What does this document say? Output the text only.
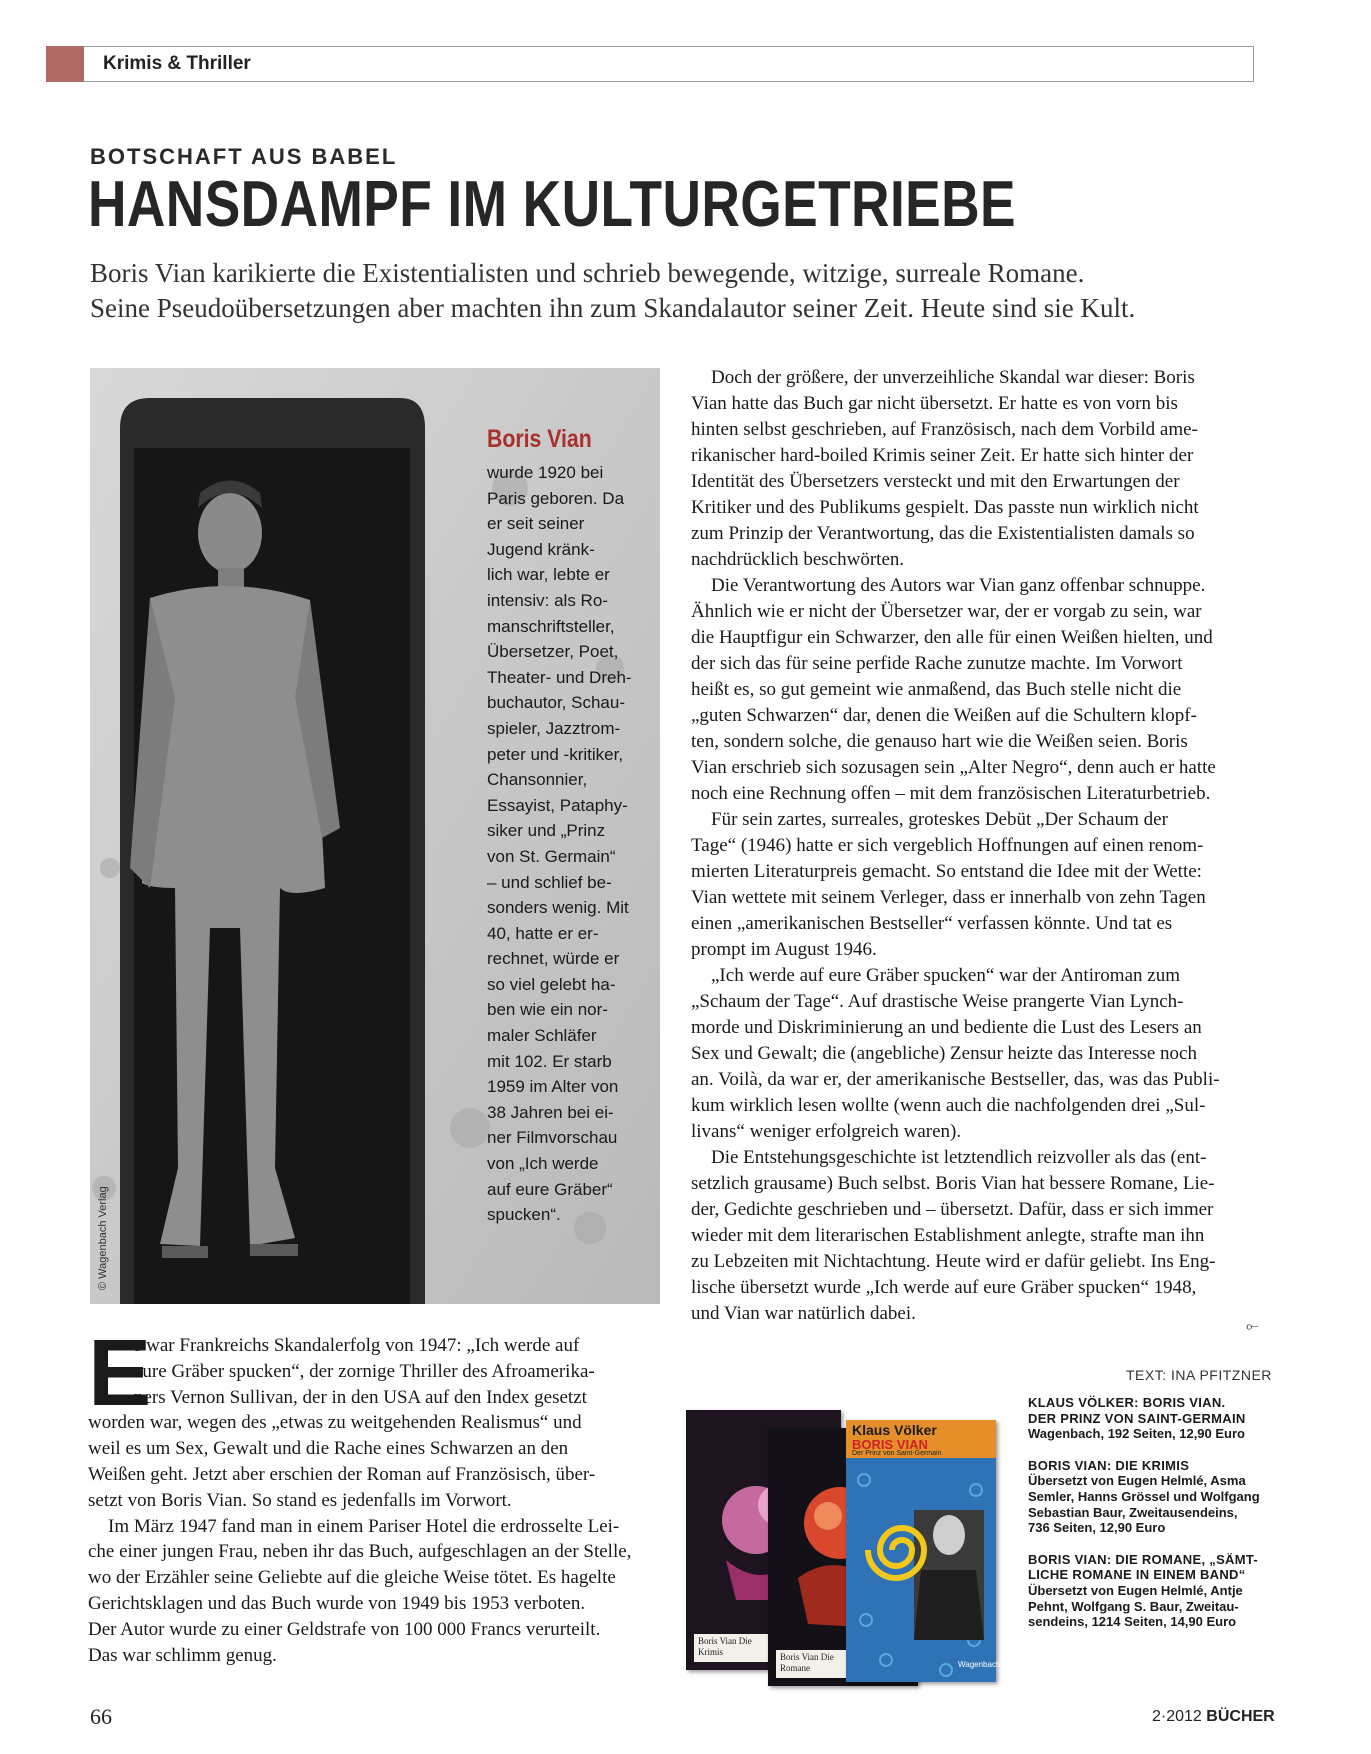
Krimis & Thriller
BOTSCHAFT AUS BABEL
HANSDAMPF IM KULTURGETRIEBE
Boris Vian karikierte die Existentialisten und schrieb bewegende, witzige, surreale Romane.
Seine Pseudoübersetzungen aber machten ihn zum Skandalautor seiner Zeit. Heute sind sie Kult.
© Wagenbach Verlag
Boris Vian
wurde 1920 bei
Paris geboren. Da
er seit seiner
Jugend kränk-
lich war, lebte er
intensiv: als Ro-
manschriftsteller,
Übersetzer, Poet,
Theater- und Dreh-
buchautor, Schau-
spieler, Jazztrom-
peter und -kritiker,
Chansonnier,
Essayist, Pataphy-
siker und „Prinz
von St. Germain“
– und schlief be-
sonders wenig. Mit
40, hatte er er-
rechnet, würde er
so viel gelebt ha-
ben wie ein nor-
maler Schläfer
mit 102. Er starb
1959 im Alter von
38 Jahren bei ei-
ner Filmvorschau
von „Ich werde
auf eure Gräber“
spucken“.
E
s war Frankreichs Skandalerfolg von 1947: „Ich werde auf
eure Gräber spucken“, der zornige Thriller des Afroamerika-
ners Vernon Sullivan, der in den USA auf den Index gesetzt
worden war, wegen des „etwas zu weitgehenden Realismus“ und
weil es um Sex, Gewalt und die Rache eines Schwarzen an den
Weißen geht. Jetzt aber erschien der Roman auf Französisch, über-
setzt von Boris Vian. So stand es jedenfalls im Vorwort.
Im März 1947 fand man in einem Pariser Hotel die erdrosselte Lei-
che einer jungen Frau, neben ihr das Buch, aufgeschlagen an der Stelle,
wo der Erzähler seine Geliebte auf die gleiche Weise tötet. Es hagelte
Gerichtsklagen und das Buch wurde von 1949 bis 1953 verboten.
Der Autor wurde zu einer Geldstrafe von 100 000 Francs verurteilt.
Das war schlimm genug.
Doch der größere, der unverzeihliche Skandal war dieser: Boris
Vian hatte das Buch gar nicht übersetzt. Er hatte es von vorn bis
hinten selbst geschrieben, auf Französisch, nach dem Vorbild ame-
rikanischer hard-boiled Krimis seiner Zeit. Er hatte sich hinter der
Identität des Übersetzers versteckt und mit den Erwartungen der
Kritiker und des Publikums gespielt. Das passte nun wirklich nicht
zum Prinzip der Verantwortung, das die Existentialisten damals so
nachdrücklich beschwörten.
Die Verantwortung des Autors war Vian ganz offenbar schnuppe.
Ähnlich wie er nicht der Übersetzer war, der er vorgab zu sein, war
die Hauptfigur ein Schwarzer, den alle für einen Weißen hielten, und
der sich das für seine perfide Rache zunutze machte. Im Vorwort
heißt es, so gut gemeint wie anmaßend, das Buch stelle nicht die
„guten Schwarzen“ dar, denen die Weißen auf die Schultern klopf-
ten, sondern solche, die genauso hart wie die Weißen seien. Boris
Vian erschrieb sich sozusagen sein „Alter Negro“, denn auch er hatte
noch eine Rechnung offen – mit dem französischen Literaturbetrieb.
Für sein zartes, surreales, groteskes Debüt „Der Schaum der
Tage“ (1946) hatte er sich vergeblich Hoffnungen auf einen renom-
mierten Literaturpreis gemacht. So entstand die Idee mit der Wette:
Vian wettete mit seinem Verleger, dass er innerhalb von zehn Tagen
einen „amerikanischen Bestseller“ verfassen könnte. Und tat es
prompt im August 1946.
„Ich werde auf eure Gräber spucken“ war der Antiroman zum
„Schaum der Tage“. Auf drastische Weise prangerte Vian Lynch-
morde und Diskriminierung an und bediente die Lust des Lesers an
Sex und Gewalt; die (angebliche) Zensur heizte das Interesse noch
an. Voilà, da war er, der amerikanische Bestseller, das, was das Publi-
kum wirklich lesen wollte (wenn auch die nachfolgenden drei „Sul-
livans“ weniger erfolgreich waren).
Die Entstehungsgeschichte ist letztendlich reizvoller als das (ent-
setzlich grausame) Buch selbst. Boris Vian hat bessere Romane, Lie-
der, Gedichte geschrieben und – übersetzt. Dafür, dass er sich immer
wieder mit dem literarischen Establishment anlegte, strafte man ihn
zu Lebzeiten mit Nichtachtung. Heute wird er dafür geliebt. Ins Eng-
lische übersetzt wurde „Ich werde auf eure Gräber spucken“ 1948,
und Vian war natürlich dabei.
⟜
TEXT: INA PFITZNER
Boris Vian Die Krimis	Boris Vian Die Romane
Klaus Völker
BORIS VIAN
Der Prinz von Saint-Germain
Wagenbach
KLAUS VÖLKER: BORIS VIAN.
DER PRINZ VON SAINT-GERMAIN
Wagenbach, 192 Seiten, 12,90 Euro
BORIS VIAN: DIE KRIMIS
Übersetzt von Eugen Helmlé, Asma
Semler, Hanns Grössel und Wolfgang
Sebastian Baur, Zweitausendeins,
736 Seiten, 12,90 Euro
BORIS VIAN: DIE ROMANE, „SÄMT-
LICHE ROMANE IN EINEM BAND“
Übersetzt von Eugen Helmlé, Antje
Pehnt, Wolfgang S. Baur, Zweitau-
sendeins, 1214 Seiten, 14,90 Euro
66	2·2012 BÜCHER
